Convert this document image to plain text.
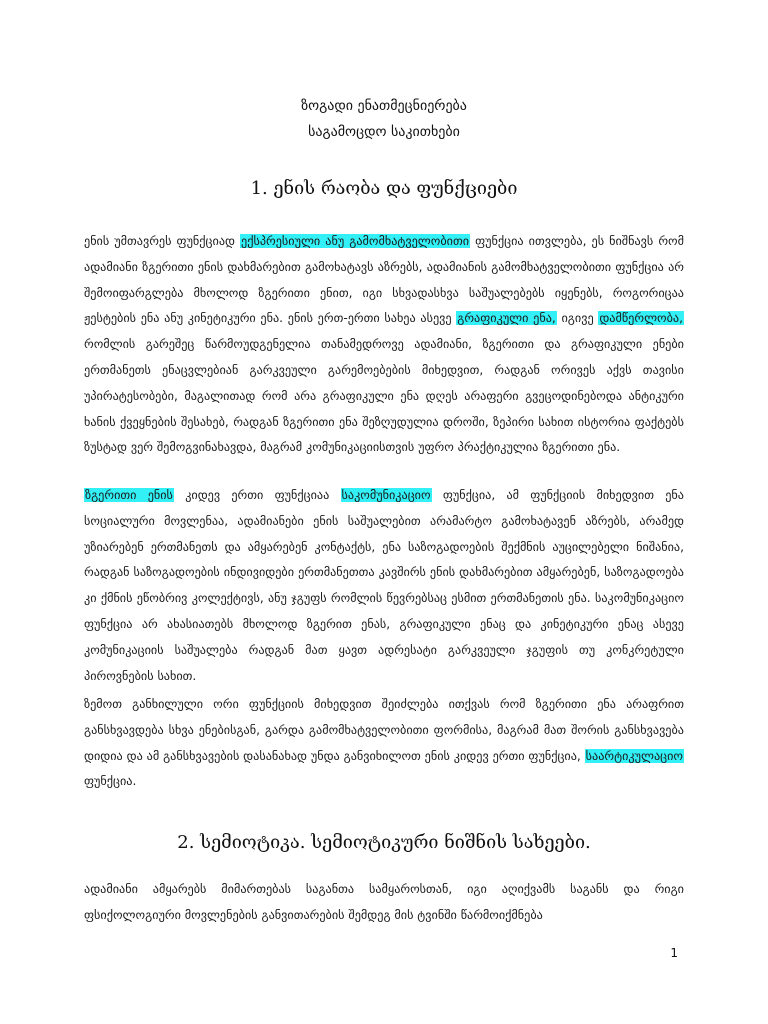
ზოგადი ენათმეცნიერება
საგამოცდო საკითხები
1. ენის რაობა და ფუნქციები
ენის უმთავრეს ფუნქციად ექსპრესიული ანუ გამომხატველობითი ფუნქცია ითვლება, ეს ნიშნავს რომ ადამიანი ზგერითი ენის დახმარებით გამოხატავს აზრებს, ადამიანის გამომხატველობითი ფუნქცია არ შემოიფარგლება მხოლოდ ზგერითი ენით, იგი სხვადასხვა საშუალებებს იყენებს, როგორიცაა ჟესტების ენა ანუ კინეტიკური ენა. ენის ერთ-ერთი სახეა ასევე გრაფიკული ენა, იგივე დამწერლობა, რომლის გარეშეც წარმოუდგენელია თანამედროვე ადამიანი, ზგერითი და გრაფიკული ენები ერთმანეთს ენაცვლებიან გარკვეული გარემოებების მიხედვით, რადგან ორივეს აქვს თავისი უპირატესობები, მაგალითად რომ არა გრაფიკული ენა დღეს არაფერი გვეცოდინებოდა ანტიკური ხანის ქვეყნების შესახებ, რადგან ზგერითი ენა შეზღუდულია დროში, ზეპირი სახით ისტორია ფაქტებს ზუსტად ვერ შემოგვინახავდა, მაგრამ კომუნიკაციისთვის უფრო პრაქტიკულია ზგერითი ენა.
ზგერითი ენის კიდევ ერთი ფუნქციაა საკომუნიკაციო ფუნქცია, ამ ფუნქციის მიხედვით ენა სოციალური მოვლენაა, ადამიანები ენის საშუალებით არამარტო გამოხატავენ აზრებს, არამედ უზიარებენ ერთმანეთს და ამყარებენ კონტაქტს, ენა საზოგადოების შექმნის აუცილებელი ნიშანია, რადგან საზოგადოების ინდივიდები ერთმანეთთა კავშირს ენის დახმარებით ამყარებენ, საზოგადოება კი ქმნის ეწობრივ კოლექტივს, ანუ ჯგუფს რომლის წევრებსაც ესმით ერთმანეთის ენა. საკომუნიკაციო ფუნქცია არ ახასიათებს მხოლოდ ზგერით ენას, გრაფიკული ენაც და კინეტიკური ენაც ასევე კომუნიკაციის საშუალება რადგან მათ ყავთ ადრესატი გარკვეული ჯგუფის თუ კონკრეტული პიროვნების სახით.
ზემოთ განხილული ორი ფუნქციის მიხედვით შეიძლება ითქვას რომ ზგერითი ენა არაფრით განსხვავდება სხვა ენებისგან, გარდა გამომხატველობითი ფორმისა, მაგრამ მათ შორის განსხვავება დიდია და ამ განსხვავების დასანახად უნდა განვიხილოთ ენის კიდევ ერთი ფუნქცია, საარტიკულაციო ფუნქცია.
2. სემიოტიკა. სემიოტიკური ნიშნის სახეები.
ადამიანი ამყარებს მიმართებას საგანთა სამყაროსთან, იგი აღიქვამს საგანს და რიგი ფსიქოლოგიური მოვლენების განვითარების შემდეგ მის ტვინში წარმოიქმნება
1
